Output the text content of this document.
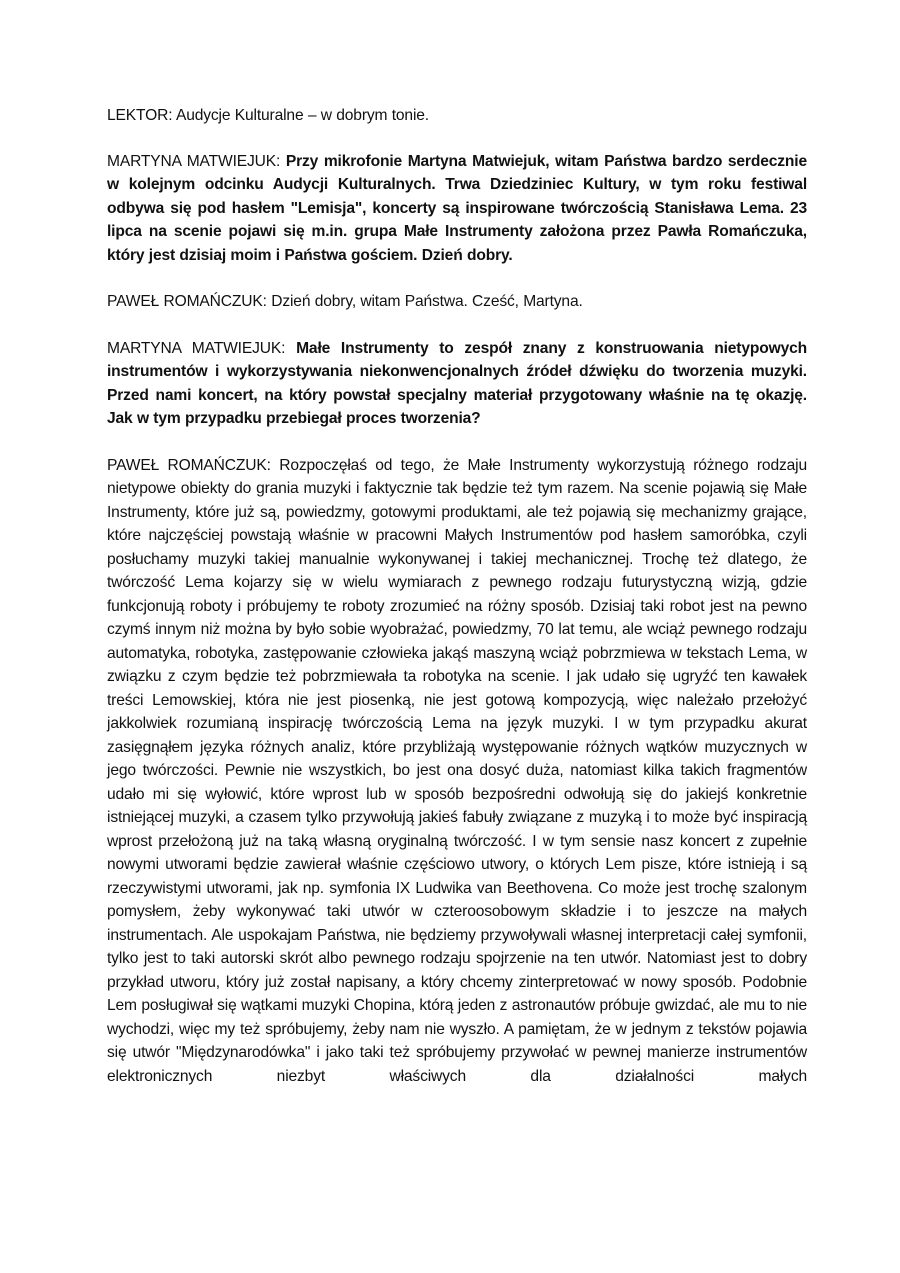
LEKTOR: Audycje Kulturalne – w dobrym tonie.

MARTYNA MATWIEJUK: Przy mikrofonie Martyna Matwiejuk, witam Państwa bardzo serdecznie w kolejnym odcinku Audycji Kulturalnych. Trwa Dziedziniec Kultury, w tym roku festiwal odbywa się pod hasłem "Lemisja", koncerty są inspirowane twórczością Stanisława Lema. 23 lipca na scenie pojawi się m.in. grupa Małe Instrumenty założona przez Pawła Romańczuka, który jest dzisiaj moim i Państwa gościem. Dzień dobry.

PAWEŁ ROMAŃCZUK: Dzień dobry, witam Państwa. Cześć, Martyna.

MARTYNA MATWIEJUK: Małe Instrumenty to zespół znany z konstruowania nietypowych instrumentów i wykorzystywania niekonwencjonalnych źródeł dźwięku do tworzenia muzyki. Przed nami koncert, na który powstał specjalny materiał przygotowany właśnie na tę okazję. Jak w tym przypadku przebiegał proces tworzenia?

PAWEŁ ROMAŃCZUK: Rozpoczęłaś od tego, że Małe Instrumenty wykorzystują różnego rodzaju nietypowe obiekty do grania muzyki i faktycznie tak będzie też tym razem. Na scenie pojawią się Małe Instrumenty, które już są, powiedzmy, gotowymi produktami, ale też pojawią się mechanizmy grające, które najczęściej powstają właśnie w pracowni Małych Instrumentów pod hasłem samoróbka, czyli posłuchamy muzyki takiej manualnie wykonywanej i takiej mechanicznej. Trochę też dlatego, że twórczość Lema kojarzy się w wielu wymiarach z pewnego rodzaju futurystyczną wizją, gdzie funkcjonują roboty i próbujemy te roboty zrozumieć na różny sposób. Dzisiaj taki robot jest na pewno czymś innym niż można by było sobie wyobrażać, powiedzmy, 70 lat temu, ale wciąż pewnego rodzaju automatyka, robotyka, zastępowanie człowieka jakąś maszyną wciąż pobrzmiewa w tekstach Lema, w związku z czym będzie też pobrzmiewała ta robotyka na scenie. I jak udało się ugryźć ten kawałek treści Lemowskiej, która nie jest piosenką, nie jest gotową kompozycją, więc należało przełożyć jakkolwiek rozumianą inspirację twórczością Lema na język muzyki. I w tym przypadku akurat zasięgnąłem języka różnych analiz, które przybliżają występowanie różnych wątków muzycznych w jego twórczości. Pewnie nie wszystkich, bo jest ona dosyć duża, natomiast kilka takich fragmentów udało mi się wyłowić, które wprost lub w sposób bezpośredni odwołują się do jakiejś konkretnie istniejącej muzyki, a czasem tylko przywołują jakieś fabuły związane z muzyką i to może być inspiracją wprost przełożoną już na taką własną oryginalną twórczość. I w tym sensie nasz koncert z zupełnie nowymi utworami będzie zawierał właśnie częściowo utwory, o których Lem pisze, które istnieją i są rzeczywistymi utworami, jak np. symfonia IX Ludwika van Beethovena. Co może jest trochę szalonym pomysłem, żeby wykonywać taki utwór w czteroosobowym składzie i to jeszcze na małych instrumentach. Ale uspokajam Państwa, nie będziemy przywoływali własnej interpretacji całej symfonii, tylko jest to taki autorski skrót albo pewnego rodzaju spojrzenie na ten utwór. Natomiast jest to dobry przykład utworu, który już został napisany, a który chcemy zinterpretować w nowy sposób. Podobnie Lem posługiwał się wątkami muzyki Chopina, którą jeden z astronautów próbuje gwizdać, ale mu to nie wychodzi, więc my też spróbujemy, żeby nam nie wyszło. A pamiętam, że w jednym z tekstów pojawia się utwór "Międzynarodówka" i jako taki też spróbujemy przywołać w pewnej manierze instrumentów elektronicznych niezbyt właściwych dla działalności małych
